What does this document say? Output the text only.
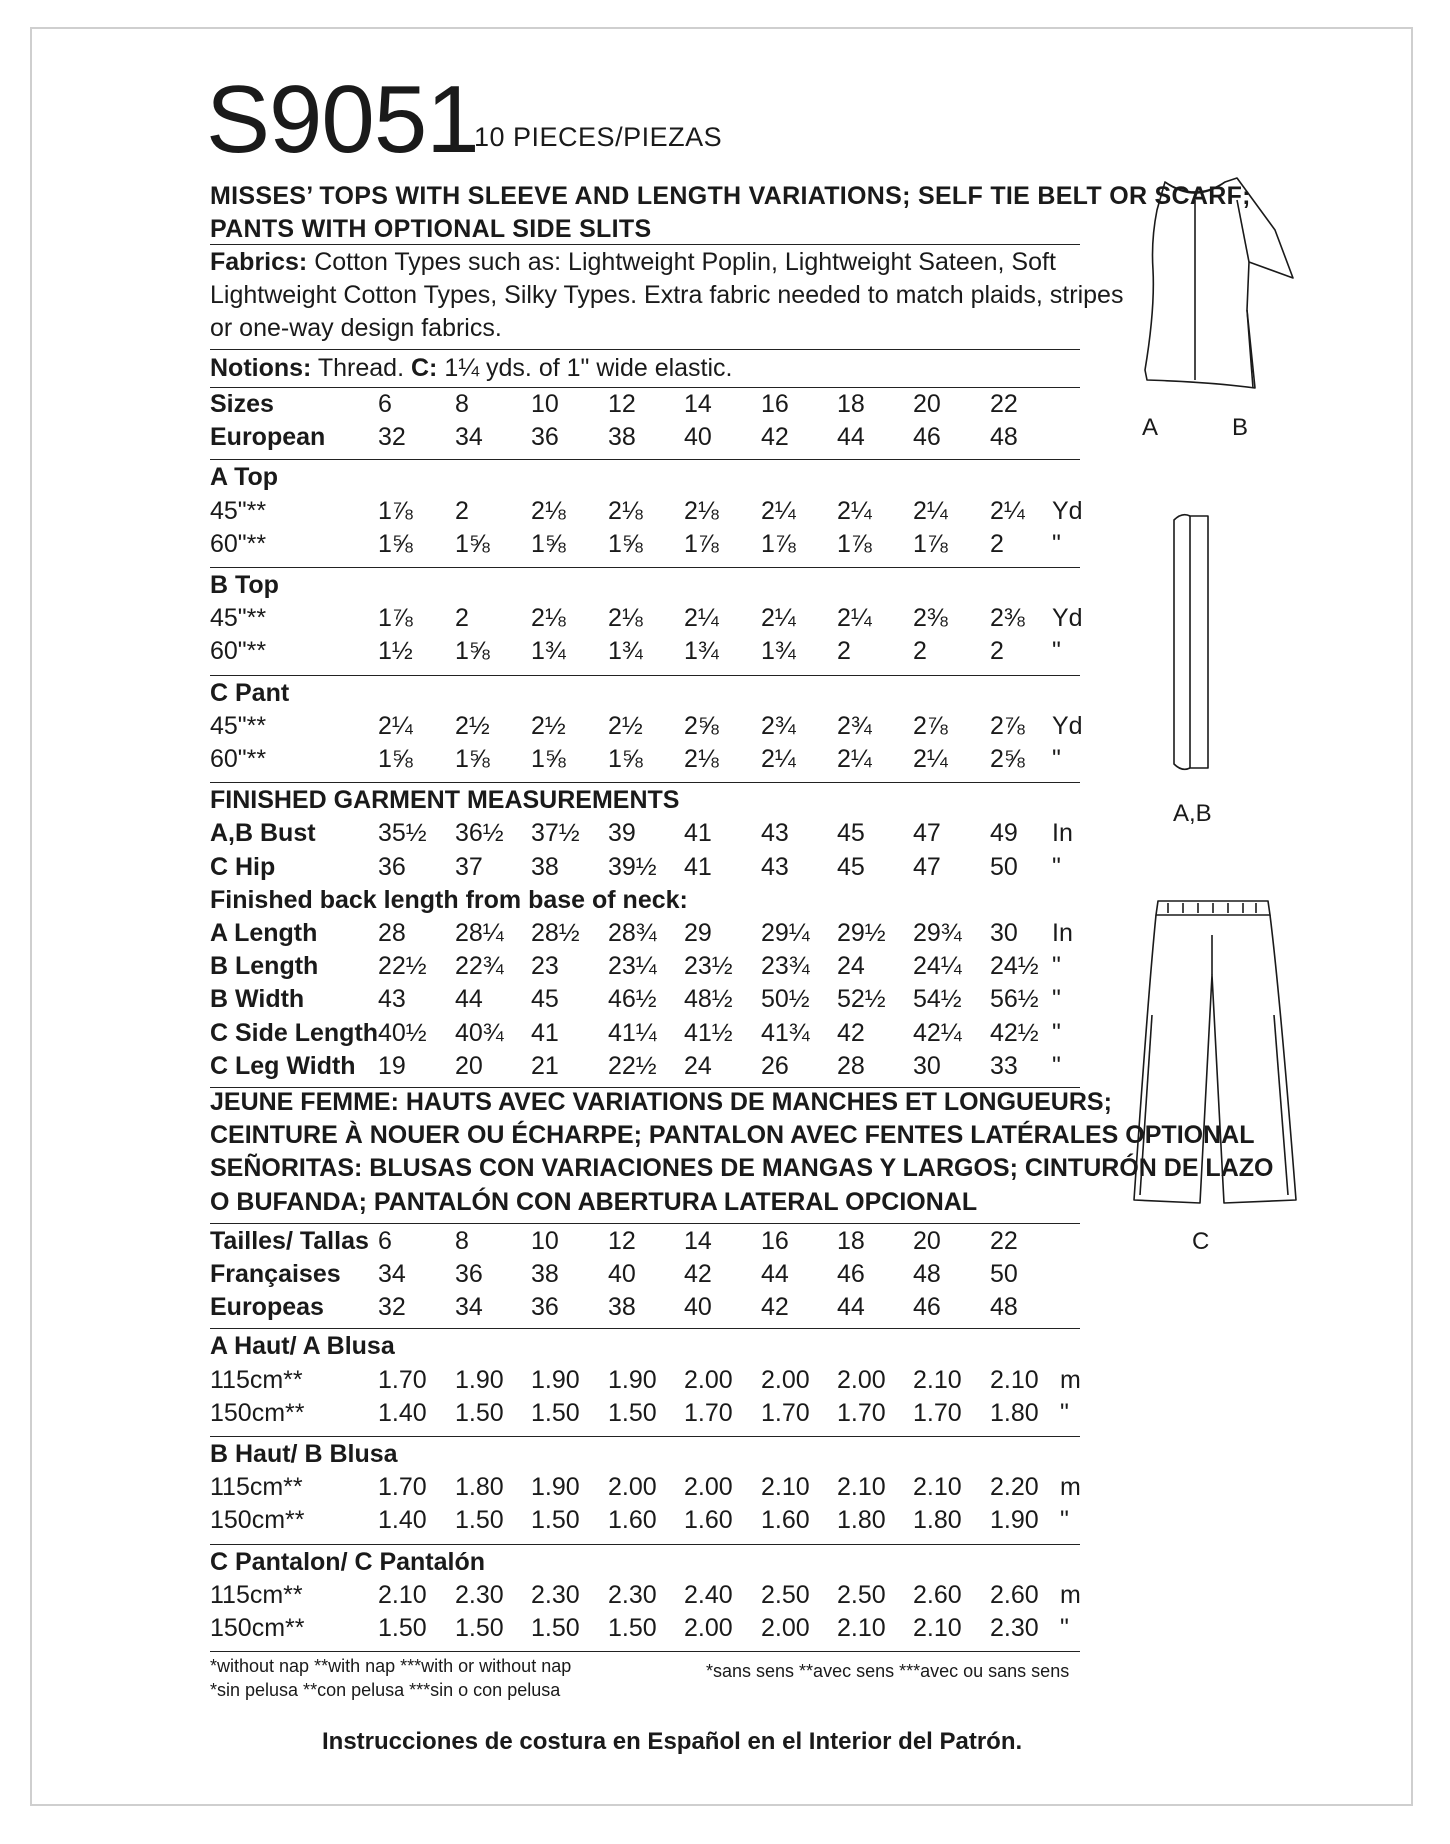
S9051
10 PIECES/PIEZAS
MISSES’ TOPS WITH SLEEVE AND LENGTH VARIATIONS; SELF TIE BELT OR SCARF;
PANTS WITH OPTIONAL SIDE SLITS
Fabrics: Cotton Types such as: Lightweight Poplin, Lightweight Sateen, Soft
Lightweight Cotton Types, Silky Types. Extra fabric needed to match plaids, stripes
or one-way design fabrics.
Notions: Thread. C: 1¼ yds. of 1" wide elastic.
Sizes	6	8 10 12 14 16 18 20 22
European 32 34 36 38 40 42 44 46 48
A Top
45"**	1⅞ 2 2⅛ 2⅛ 2⅛ 2¼ 2¼ 2¼ 2¼ Yd
60"**	1⅝ 1⅝ 1⅝ 1⅝ 1⅞ 1⅞ 1⅞ 1⅞ 2 "
B Top
45"**	1⅞ 2 2⅛ 2⅛ 2¼ 2¼ 2¼ 2⅜ 2⅜ Yd
60"**	1½ 1⅝ 1¾ 1¾ 1¾ 1¾ 2 2	2 "
C Pant
45"**	2¼ 2½ 2½ 2½ 2⅝ 2¾ 2¾ 2⅞ 2⅞ Yd
60"**	1⅝ 1⅝ 1⅝ 1⅝ 2⅛ 2¼ 2¼ 2¼ 2⅝ "
FINISHED GARMENT MEASUREMENTS
A,B Bust 35½ 36½ 37½ 39 41 43 45 47 49 In
C Hip	36 37 38 39½ 41 43 45 47 50 "
Finished back length from base of neck:
A Length 28 28¼ 28½ 28¾ 29 29¼ 29½ 29¾ 30 In
B Length 22½ 22¾ 23 23¼ 23½ 23¾ 24 24¼ 24½ "
B Width	43 44 45 46½ 48½ 50½ 52½ 54½ 56½ "
C Side Length 40½ 40¾ 41 41¼ 41½ 41¾ 42 42¼ 42½ "
C Leg Width 19 20 21 22½ 24 26 28 30 33 "
JEUNE FEMME: HAUTS AVEC VARIATIONS DE MANCHES ET LONGUEURS;
CEINTURE À NOUER OU ÉCHARPE; PANTALON AVEC FENTES LATÉRALES OPTIONAL
SEÑORITAS: BLUSAS CON VARIACIONES DE MANGAS Y LARGOS; CINTURÓN DE LAZO
O BUFANDA; PANTALÓN CON ABERTURA LATERAL OPCIONAL
Tailles/ Tallas 6	8 10 12 14 16 18 20 22
Françaises 34 36 38 40 42 44 46 48 50
Europeas 32 34 36 38 40 42 44 46 48
A Haut/ A Blusa
115cm**	1.70 1.90 1.90 1.90 2.00 2.00 2.00 2.10 2.10 m
150cm**	1.40 1.50 1.50 1.50 1.70 1.70 1.70 1.70 1.80 "
B Haut/ B Blusa
115cm**	1.70 1.80 1.90 2.00 2.00 2.10 2.10 2.10 2.20 m
150cm**	1.40 1.50 1.50 1.60 1.60 1.60 1.80 1.80 1.90 "
C Pantalon/ C Pantalón
115cm**	2.10 2.30 2.30 2.30 2.40 2.50 2.50 2.60 2.60 m
150cm**	1.50 1.50 1.50 1.50 2.00 2.00 2.10 2.10 2.30 "
*without nap **with nap ***with or without nap
*sin pelusa **con pelusa ***sin o con pelusa
*sans sens **avec sens ***avec ou sans sens
Instrucciones de costura en Español en el Interior del Patrón.
A	B
A,B
C
